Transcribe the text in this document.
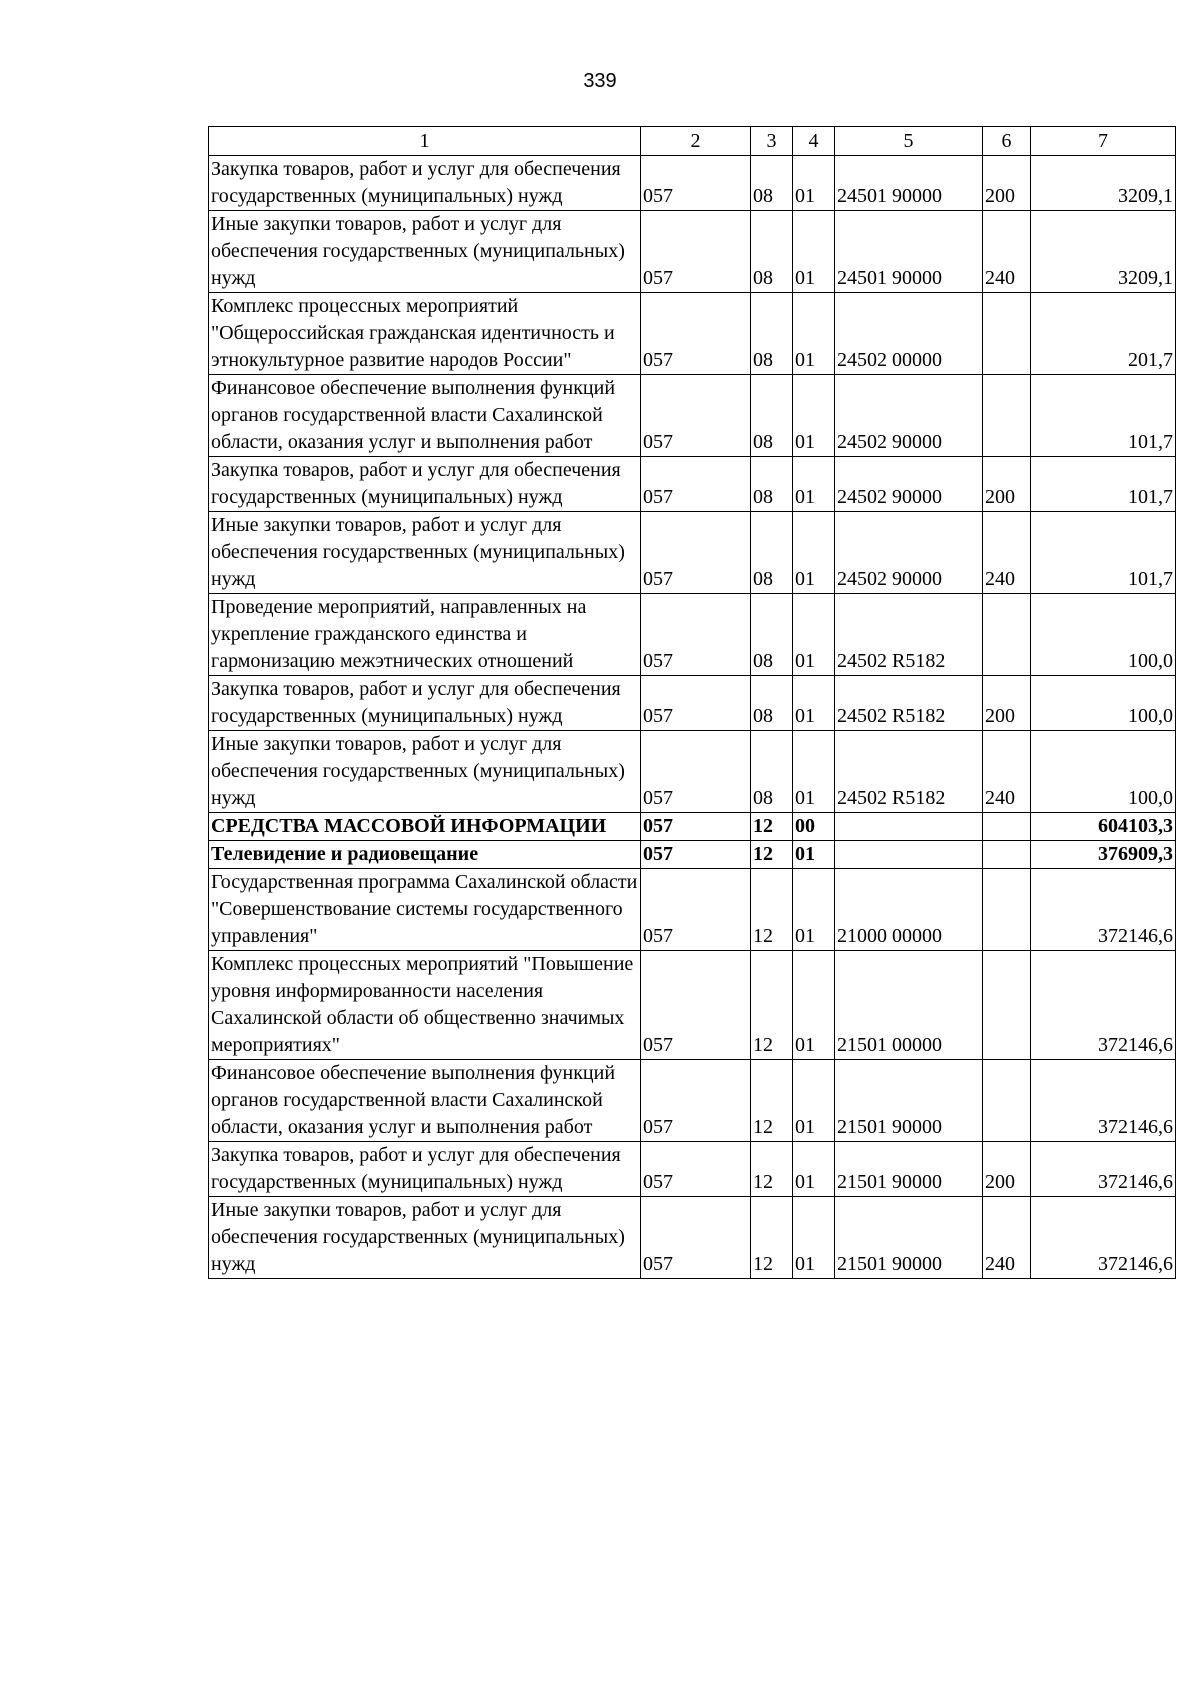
339
1	2	3	4	5	6	7
Закупка товаров, работ и услуг для обеспечения государственных (муниципальных) нужд	057	08	01	24501 90000	200	3209,1
Иные закупки товаров, работ и услуг для обеспечения государственных (муниципальных) нужд	057	08	01	24501 90000	240	3209,1
Комплекс процессных мероприятий "Общероссийская гражданская идентичность и этнокультурное развитие народов России"	057	08	01	24502 00000		201,7
Финансовое обеспечение выполнения функций органов государственной власти Сахалинской области, оказания услуг и выполнения работ	057	08	01	24502 90000		101,7
Закупка товаров, работ и услуг для обеспечения государственных (муниципальных) нужд	057	08	01	24502 90000	200	101,7
Иные закупки товаров, работ и услуг для обеспечения государственных (муниципальных) нужд	057	08	01	24502 90000	240	101,7
Проведение мероприятий, направленных на укрепление гражданского единства и гармонизацию межэтнических отношений	057	08	01	24502 R5182		100,0
Закупка товаров, работ и услуг для обеспечения государственных (муниципальных) нужд	057	08	01	24502 R5182	200	100,0
Иные закупки товаров, работ и услуг для обеспечения государственных (муниципальных) нужд	057	08	01	24502 R5182	240	100,0
СРЕДСТВА МАССОВОЙ ИНФОРМАЦИИ	057	12	00			604103,3
Телевидение и радиовещание	057	12	01			376909,3
Государственная программа Сахалинской области "Совершенствование системы государственного управления"	057	12	01	21000 00000		372146,6
Комплекс процессных мероприятий "Повышение уровня информированности населения Сахалинской области об общественно значимых мероприятиях"	057	12	01	21501 00000		372146,6
Финансовое обеспечение выполнения функций органов государственной власти Сахалинской области, оказания услуг и выполнения работ	057	12	01	21501 90000		372146,6
Закупка товаров, работ и услуг для обеспечения государственных (муниципальных) нужд	057	12	01	21501 90000	200	372146,6
Иные закупки товаров, работ и услуг для обеспечения государственных (муниципальных) нужд	057	12	01	21501 90000	240	372146,6
